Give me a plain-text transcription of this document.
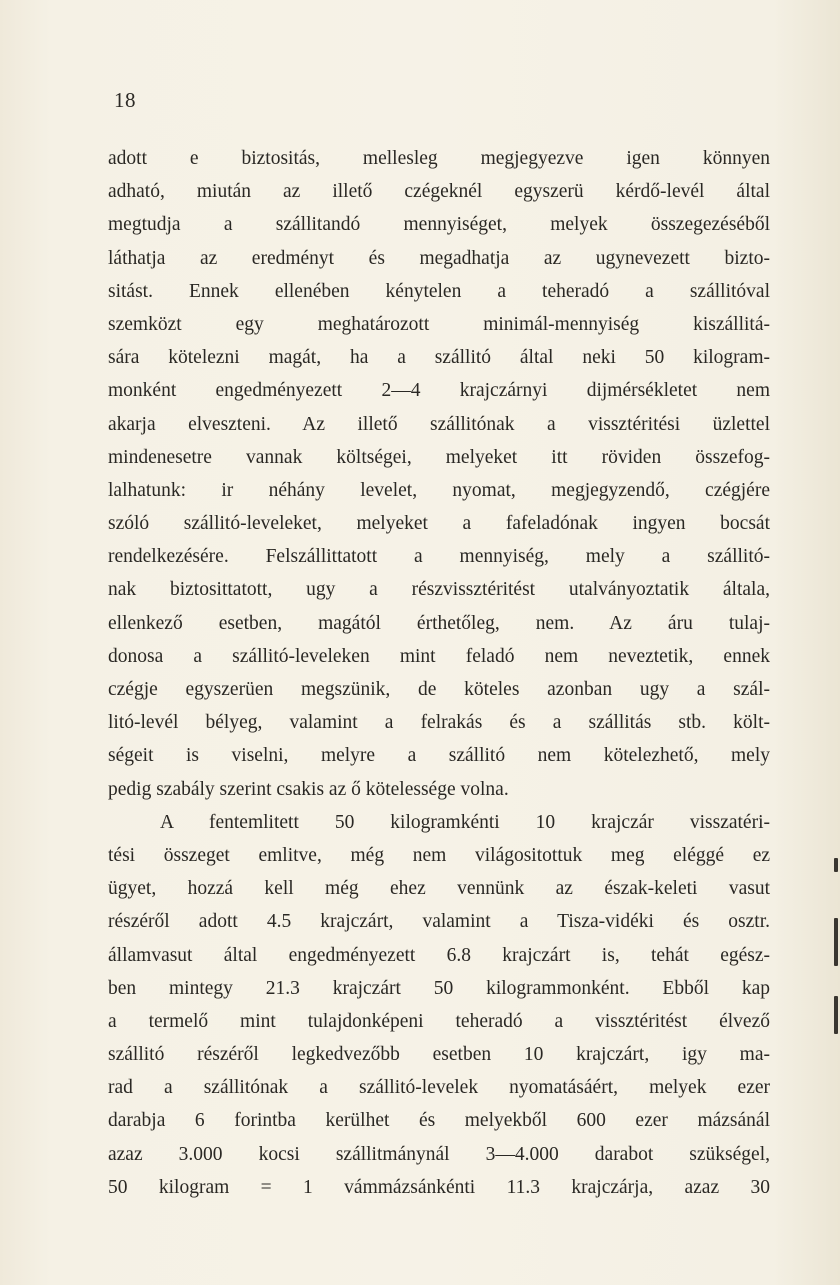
18
adott e biztositás, mellesleg megjegyezve igen könnyen
adható, miután az illető czégeknél egyszerü kérdő-levél által
megtudja a szállitandó mennyiséget, melyek összegezéséből
láthatja az eredményt és megadhatja az ugynevezett bizto-
sitást. Ennek ellenében kénytelen a teheradó a szállitóval
szemközt egy meghatározott minimál-mennyiség kiszállitá-
sára kötelezni magát, ha a szállitó által neki 50 kilogram-
monként engedményezett 2—4 krajczárnyi dijmérsékletet nem
akarja elveszteni. Az illető szállitónak a vissztéritési üzlettel
mindenesetre vannak költségei, melyeket itt röviden összefog-
lalhatunk: ir néhány levelet, nyomat, megjegyzendő, czégjére
szóló szállitó-leveleket, melyeket a fafeladónak ingyen bocsát
rendelkezésére. Felszállittatott a mennyiség, mely a szállitó-
nak biztosittatott, ugy a részvissztéritést utalványoztatik általa,
ellenkező esetben, magától érthetőleg, nem. Az áru tulaj-
donosa a szállitó-leveleken mint feladó nem neveztetik, ennek
czégje egyszerüen megszünik, de köteles azonban ugy a szál-
litó-levél bélyeg, valamint a felrakás és a szállitás stb. költ-
ségeit is viselni, melyre a szállitó nem kötelezhető, mely
pedig szabály szerint csakis az ő kötelessége volna.
A fentemlitett 50 kilogramkénti 10 krajczár visszatéri-
tési összeget emlitve, még nem világositottuk meg eléggé ez
ügyet, hozzá kell még ehez vennünk az észak-keleti vasut
részéről adott 4.5 krajczárt, valamint a Tisza-vidéki és osztr.
államvasut által engedményezett 6.8 krajczárt is, tehát egész-
ben mintegy 21.3 krajczárt 50 kilogrammonként. Ebből kap
a termelő mint tulajdonképeni teheradó a vissztéritést élvező
szállitó részéről legkedvezőbb esetben 10 krajczárt, igy ma-
rad a szállitónak a szállitó-levelek nyomatásáért, melyek ezer
darabja 6 forintba kerülhet és melyekből 600 ezer mázsánál
azaz 3.000 kocsi szállitmánynál 3—4.000 darabot szükségel,
50 kilogram = 1 vámmázsánkénti 11.3 krajczárja, azaz 30
